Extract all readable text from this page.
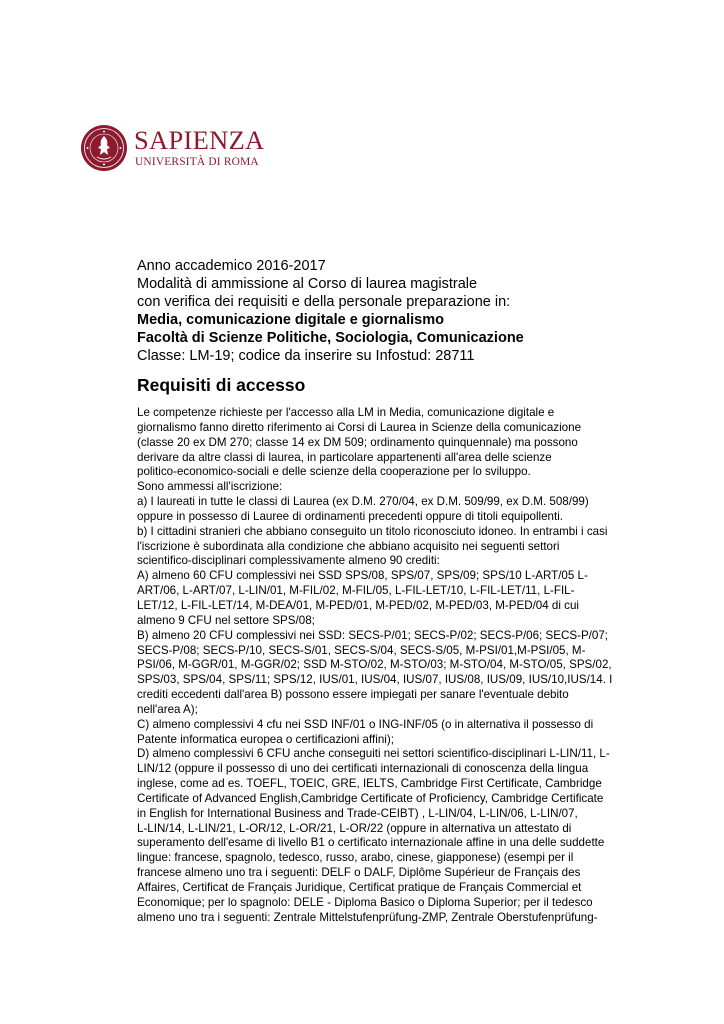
SAPIENZA

UNIVERSITÀ DI ROMA

Anno accademico 2016-2017

Modalità di ammissione al Corso di laurea magistrale

con verifica dei requisiti e della personale preparazione in:

Media, comunicazione digitale e giornalismo

Facoltà di Scienze Politiche, Sociologia, Comunicazione

Classe: LM-19; codice da inserire su Infostud: 28711

Requisiti di accesso

Le competenze richieste per l'accesso alla LM in Media, comunicazione digitale e

giornalismo fanno diretto riferimento ai Corsi di Laurea in Scienze della comunicazione

(classe 20 ex DM 270; classe 14 ex DM 509; ordinamento quinquennale) ma possono

derivare da altre classi di laurea, in particolare appartenenti all'area delle scienze

politico-economico-sociali e delle scienze della cooperazione per lo sviluppo.

Sono ammessi all'iscrizione:

a) I laureati in tutte le classi di Laurea (ex D.M. 270/04, ex D.M. 509/99, ex D.M. 508/99)

oppure in possesso di Lauree di ordinamenti precedenti oppure di titoli equipollenti.

b) I cittadini stranieri che abbiano conseguito un titolo riconosciuto idoneo. In entrambi i casi

l'iscrizione è subordinata alla condizione che abbiano acquisito nei seguenti settori

scientifico-disciplinari complessivamente almeno 90 crediti:

A) almeno 60 CFU complessivi nei SSD SPS/08, SPS/07, SPS/09; SPS/10 L-ART/05 L-

ART/06, L-ART/07, L-LIN/01, M-FIL/02, M-FIL/05, L-FIL-LET/10, L-FIL-LET/11, L-FIL-

LET/12, L-FIL-LET/14, M-DEA/01, M-PED/01, M-PED/02, M-PED/03, M-PED/04 di cui

almeno 9 CFU nel settore SPS/08;

B) almeno 20 CFU complessivi nei SSD: SECS-P/01; SECS-P/02; SECS-P/06; SECS-P/07;

SECS-P/08; SECS-P/10, SECS-S/01, SECS-S/04, SECS-S/05, M-PSI/01,M-PSI/05, M-

PSI/06, M-GGR/01, M-GGR/02; SSD M-STO/02, M-STO/03; M-STO/04, M-STO/05, SPS/02,

SPS/03, SPS/04, SPS/11; SPS/12, IUS/01, IUS/04, IUS/07, IUS/08, IUS/09, IUS/10,IUS/14. I

crediti eccedenti dall'area B) possono essere impiegati per sanare l'eventuale debito

nell'area A);

C) almeno complessivi 4 cfu nei SSD INF/01 o ING-INF/05 (o in alternativa il possesso di

Patente informatica europea o certificazioni affini);

D) almeno complessivi 6 CFU anche conseguiti nei settori scientifico-disciplinari L-LIN/11, L-

LIN/12 (oppure il possesso di uno dei certificati internazionali di conoscenza della lingua

inglese, come ad es. TOEFL, TOEIC, GRE, IELTS, Cambridge First Certificate, Cambridge

Certificate of Advanced English,Cambridge Certificate of Proficiency, Cambridge Certificate

in English for International Business and Trade-CEIBT) , L-LIN/04, L-LIN/06, L-LIN/07,

L-LIN/14, L-LIN/21, L-OR/12, L-OR/21, L-OR/22 (oppure in alternativa un attestato di

superamento dell'esame di livello B1 o certificato internazionale affine in una delle suddette

lingue: francese, spagnolo, tedesco, russo, arabo, cinese, giapponese) (esempi per il

francese almeno uno tra i seguenti: DELF o DALF, Diplôme Supérieur de Français des

Affaires, Certificat de Français Juridique, Certificat pratique de Français Commercial et

Economique; per lo spagnolo: DELE - Diploma Basico o Diploma Superior; per il tedesco

almeno uno tra i seguenti: Zentrale Mittelstufenprüfung-ZMP, Zentrale Oberstufenprüfung-
